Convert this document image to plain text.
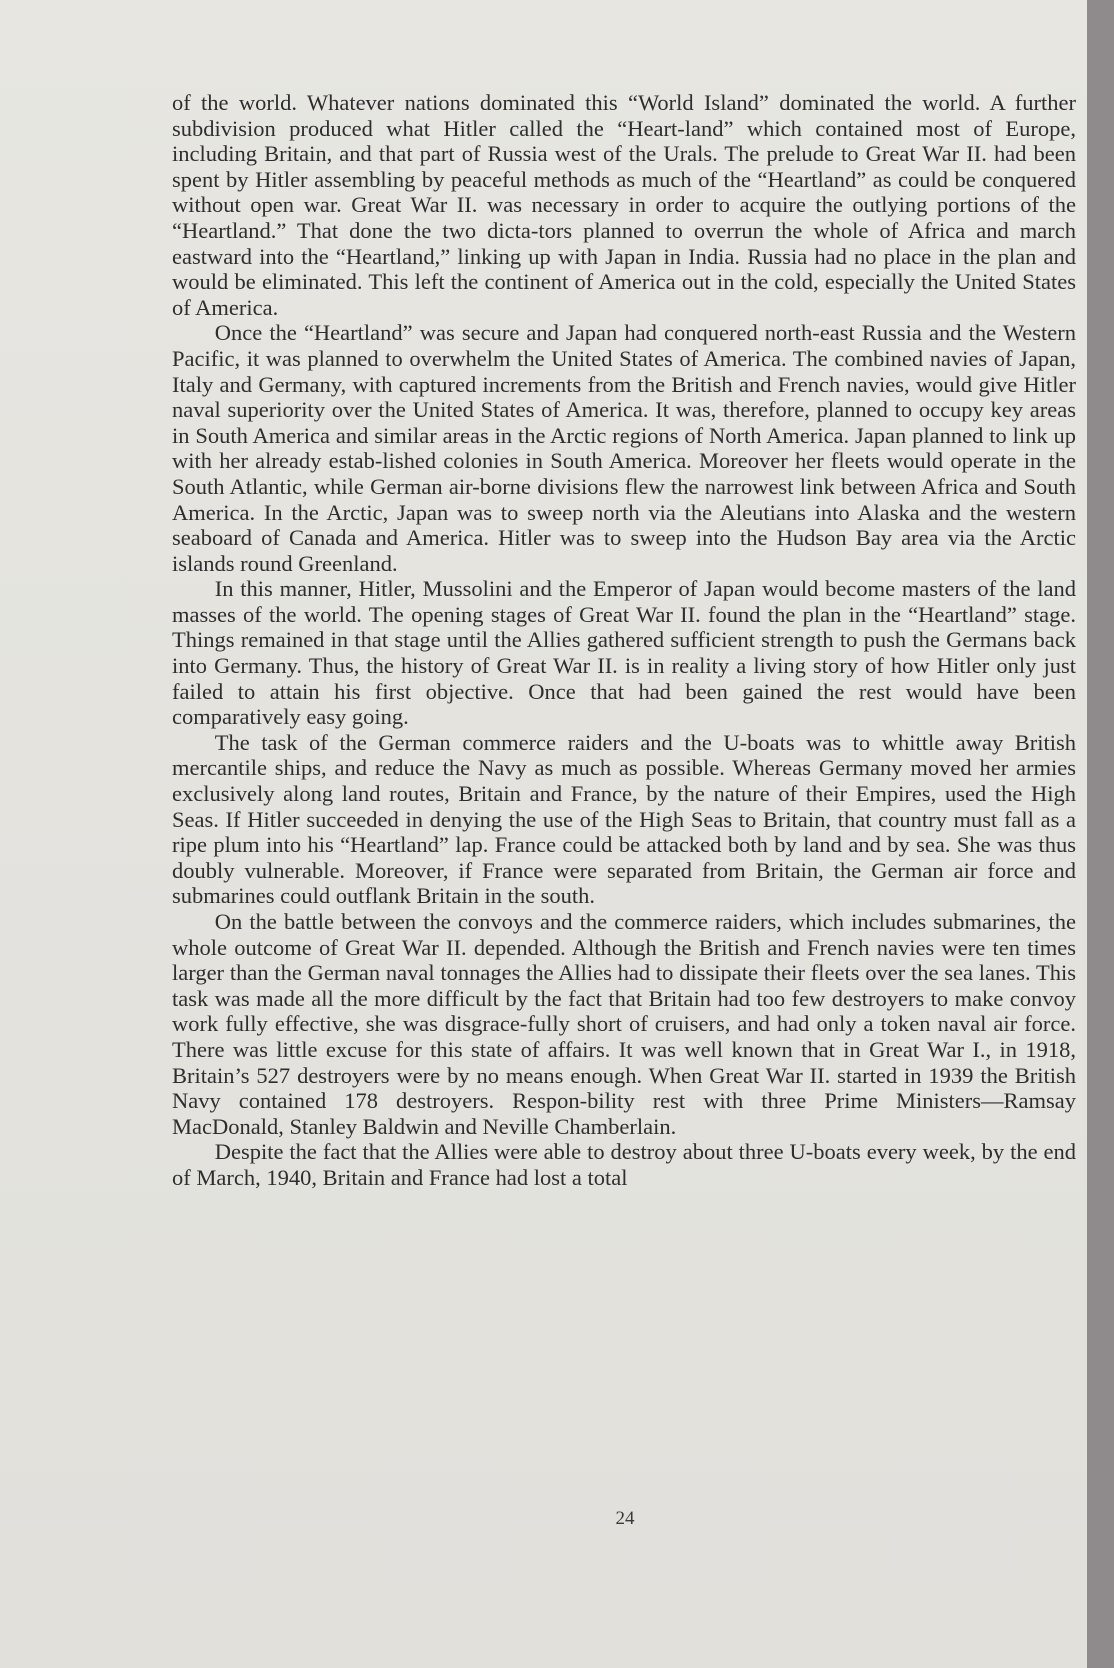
of the world. Whatever nations dominated this “World Island” dominated the world. A further subdivision produced what Hitler called the “Heart-land” which contained most of Europe, including Britain, and that part of Russia west of the Urals. The prelude to Great War II. had been spent by Hitler assembling by peaceful methods as much of the “Heartland” as could be conquered without open war. Great War II. was necessary in order to acquire the outlying portions of the “Heartland.” That done the two dicta-tors planned to overrun the whole of Africa and march eastward into the “Heartland,” linking up with Japan in India. Russia had no place in the plan and would be eliminated. This left the continent of America out in the cold, especially the United States of America.

Once the “Heartland” was secure and Japan had conquered north-east Russia and the Western Pacific, it was planned to overwhelm the United States of America. The combined navies of Japan, Italy and Germany, with captured increments from the British and French navies, would give Hitler naval superiority over the United States of America. It was, therefore, planned to occupy key areas in South America and similar areas in the Arctic regions of North America. Japan planned to link up with her already estab-lished colonies in South America. Moreover her fleets would operate in the South Atlantic, while German air-borne divisions flew the narrowest link between Africa and South America. In the Arctic, Japan was to sweep north via the Aleutians into Alaska and the western seaboard of Canada and America. Hitler was to sweep into the Hudson Bay area via the Arctic islands round Greenland.

In this manner, Hitler, Mussolini and the Emperor of Japan would become masters of the land masses of the world. The opening stages of Great War II. found the plan in the “Heartland” stage. Things remained in that stage until the Allies gathered sufficient strength to push the Germans back into Germany. Thus, the history of Great War II. is in reality a living story of how Hitler only just failed to attain his first objective. Once that had been gained the rest would have been comparatively easy going.

The task of the German commerce raiders and the U-boats was to whittle away British mercantile ships, and reduce the Navy as much as possible. Whereas Germany moved her armies exclusively along land routes, Britain and France, by the nature of their Empires, used the High Seas. If Hitler succeeded in denying the use of the High Seas to Britain, that country must fall as a ripe plum into his “Heartland” lap. France could be attacked both by land and by sea. She was thus doubly vulnerable. Moreover, if France were separated from Britain, the German air force and submarines could outflank Britain in the south.

On the battle between the convoys and the commerce raiders, which includes submarines, the whole outcome of Great War II. depended. Although the British and French navies were ten times larger than the German naval tonnages the Allies had to dissipate their fleets over the sea lanes. This task was made all the more difficult by the fact that Britain had too few destroyers to make convoy work fully effective, she was disgrace-fully short of cruisers, and had only a token naval air force. There was little excuse for this state of affairs. It was well known that in Great War I., in 1918, Britain’s 527 destroyers were by no means enough. When Great War II. started in 1939 the British Navy contained 178 destroyers. Respon-bility rest with three Prime Ministers—Ramsay MacDonald, Stanley Baldwin and Neville Chamberlain.

Despite the fact that the Allies were able to destroy about three U-boats every week, by the end of March, 1940, Britain and France had lost a total

24
